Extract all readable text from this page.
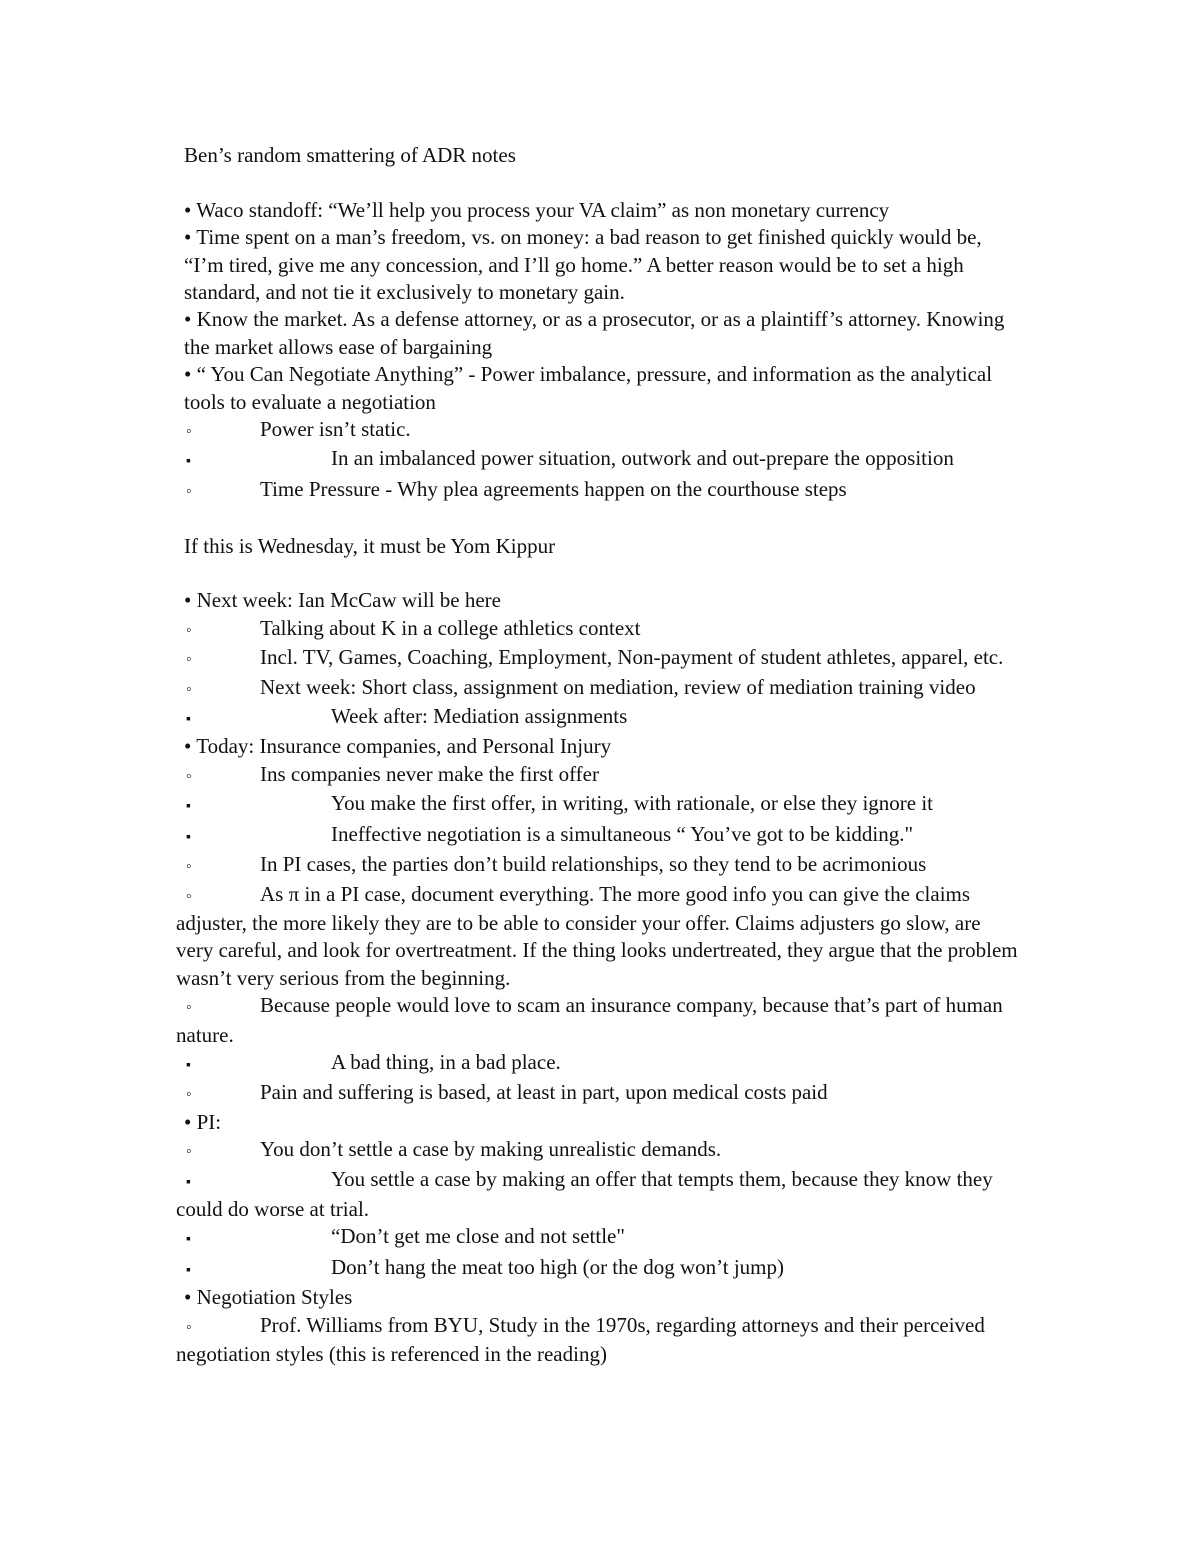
Ben’s random smattering of ADR notes

• Waco standoff: “We’ll help you process your VA claim” as non monetary currency

• Time spent on a man’s freedom, vs. on money: a bad reason to get finished quickly would be, “I’m tired, give me any concession, and I’ll go home.” A better reason would be to set a high standard, and not tie it exclusively to monetary gain.

• Know the market. As a defense attorney, or as a prosecutor, or as a plaintiff’s attorney. Knowing the market allows ease of bargaining

• “ You Can Negotiate Anything” - Power imbalance, pressure, and information as the analytical tools to evaluate a negotiation

◦	Power isn’t static.

▪	In an imbalanced power situation, outwork and out-prepare the opposition

◦	Time Pressure - Why plea agreements happen on the courthouse steps

If this is Wednesday, it must be Yom Kippur

• Next week: Ian McCaw will be here

◦	Talking about K in a college athletics context

◦	Incl. TV, Games, Coaching, Employment, Non-payment of student athletes, apparel, etc.

◦	Next week: Short class, assignment on mediation, review of mediation training video

▪	Week after: Mediation assignments

• Today: Insurance companies, and Personal Injury

◦	Ins companies never make the first offer

▪	You make the first offer, in writing, with rationale, or else they ignore it

▪	Ineffective negotiation is a simultaneous “ You’ve got to be kidding."

◦	In PI cases, the parties don’t build relationships, so they tend to be acrimonious

◦	As π in a PI case, document everything. The more good info you can give the claims adjuster, the more likely they are to be able to consider your offer. Claims adjusters go slow, are very careful, and look for overtreatment. If the thing looks undertreated, they argue that the problem wasn’t very serious from the beginning.

◦	Because people would love to scam an insurance company, because that’s part of human nature.

▪	A bad thing, in a bad place.

◦	Pain and suffering is based, at least in part, upon medical costs paid

• PI:

◦	You don’t settle a case by making unrealistic demands.

▪	You settle a case by making an offer that tempts them, because they know they could do worse at trial.

▪	“Don’t get me close and not settle"

▪	Don’t hang the meat too high (or the dog won’t jump)

• Negotiation Styles

◦	Prof. Williams from BYU, Study in the 1970s, regarding attorneys and their perceived negotiation styles (this is referenced in the reading)
